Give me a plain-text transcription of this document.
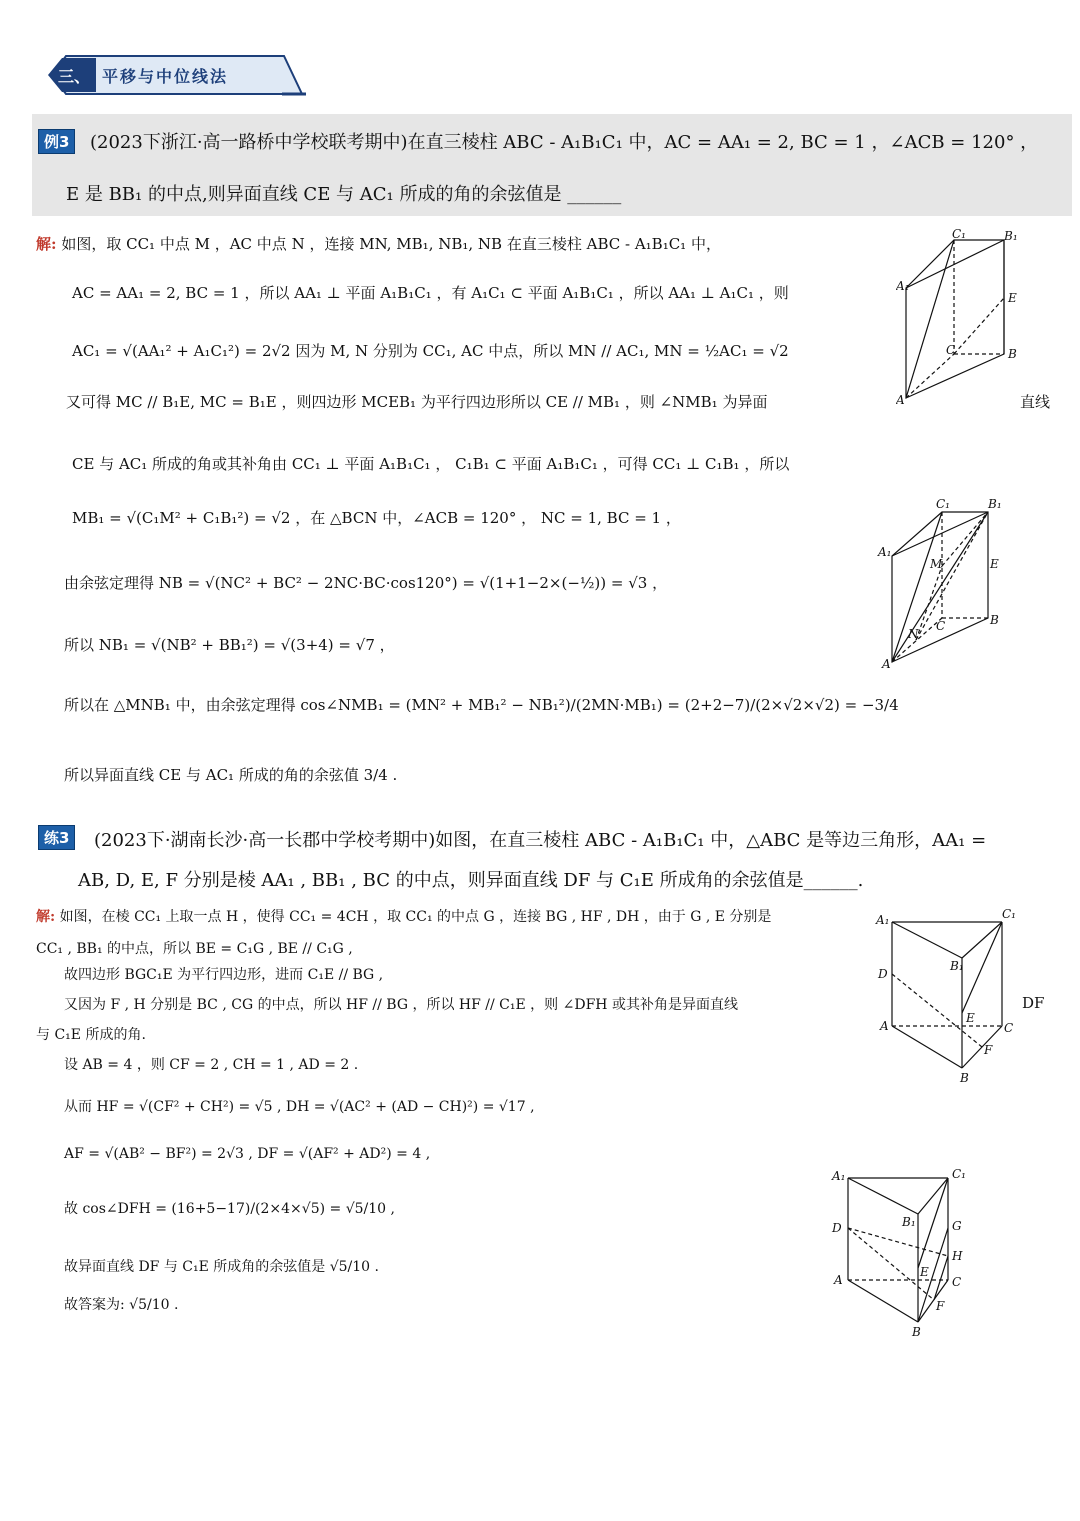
三、 平移与中位线法
例3	(2023下浙江·高一路桥中学校联考期中)在直三棱柱 ABC - A₁B₁C₁ 中，AC = AA₁ = 2, BC = 1 ，∠ACB = 120° ，
E 是 BB₁ 的中点,则异面直线 CE 与 AC₁ 所成的角的余弦值是 ______
解: 如图，取 CC₁ 中点 M ，AC 中点 N ，连接 MN, MB₁, NB₁, NB 在直三棱柱 ABC - A₁B₁C₁ 中，
AC = AA₁ = 2, BC = 1 ，所以 AA₁ ⊥ 平面 A₁B₁C₁ ，有 A₁C₁ ⊂ 平面 A₁B₁C₁ ，所以 AA₁ ⊥ A₁C₁ ，则
AC₁ = √(AA₁² + A₁C₁²) = 2√2 因为 M, N 分别为 CC₁, AC 中点，所以 MN // AC₁, MN = ½AC₁ = √2
又可得 MC // B₁E, MC = B₁E ，则四边形 MCEB₁ 为平行四边形所以 CE // MB₁ ，则 ∠NMB₁ 为异面	直线
CE 与 AC₁ 所成的角或其补角由 CC₁ ⊥ 平面 A₁B₁C₁ ， C₁B₁ ⊂ 平面 A₁B₁C₁ ，可得 CC₁ ⊥ C₁B₁ ，所以
MB₁ = √(C₁M² + C₁B₁²) = √2 ，在 △BCN 中，∠ACB = 120° ， NC = 1, BC = 1 ，
由余弦定理得 NB = √(NC² + BC² − 2NC·BC·cos120°) = √(1+1−2×(−½)) = √3 ，
所以 NB₁ = √(NB² + BB₁²) = √(3+4) = √7 ，
所以在 △MNB₁ 中，由余弦定理得 cos∠NMB₁ = (MN² + MB₁² − NB₁²)/(2MN·MB₁) = (2+2−7)/(2×√2×√2) = −3/4
所以异面直线 CE 与 AC₁ 所成的角的余弦值 3/4 .
C₁	B₁
A₁
E
C	B
A
C₁	B₁
A₁
M	E
N
C	B
A
练3	(2023下·湖南长沙·高一长郡中学校考期中)如图，在直三棱柱 ABC - A₁B₁C₁ 中，△ABC 是等边三角形，AA₁ =
AB, D, E, F 分别是棱 AA₁ , BB₁ , BC 的中点，则异面直线 DF 与 C₁E 所成角的余弦值是______.
解: 如图，在棱 CC₁ 上取一点 H ，使得 CC₁ = 4CH ，取 CC₁ 的中点 G ，连接 BG , HF , DH ，由于 G , E 分别是
CC₁ , BB₁ 的中点，所以 BE = C₁G , BE // C₁G ,
故四边形 BGC₁E 为平行四边形，进而 C₁E // BG ,
又因为 F , H 分别是 BC , CG 的中点，所以 HF // BG ，所以 HF // C₁E ，则 ∠DFH 或其补角是异面直线	DF
与 C₁E 所成的角.
设 AB = 4 ，则 CF = 2 , CH = 1 , AD = 2 .
从而 HF = √(CF² + CH²) = √5 , DH = √(AC² + (AD − CH)²) = √17 ,
AF = √(AB² − BF²) = 2√3 , DF = √(AF² + AD²) = 4 ,
故 cos∠DFH = (16+5−17)/(2×4×√5) = √5/10 ,
故异面直线 DF 与 C₁E 所成角的余弦值是 √5/10 .
故答案为: √5/10 .
A₁	C₁
B₁
D
E
A	C
F
B
A₁	C₁
B₁	G
D
H
E
A	C
F
B
